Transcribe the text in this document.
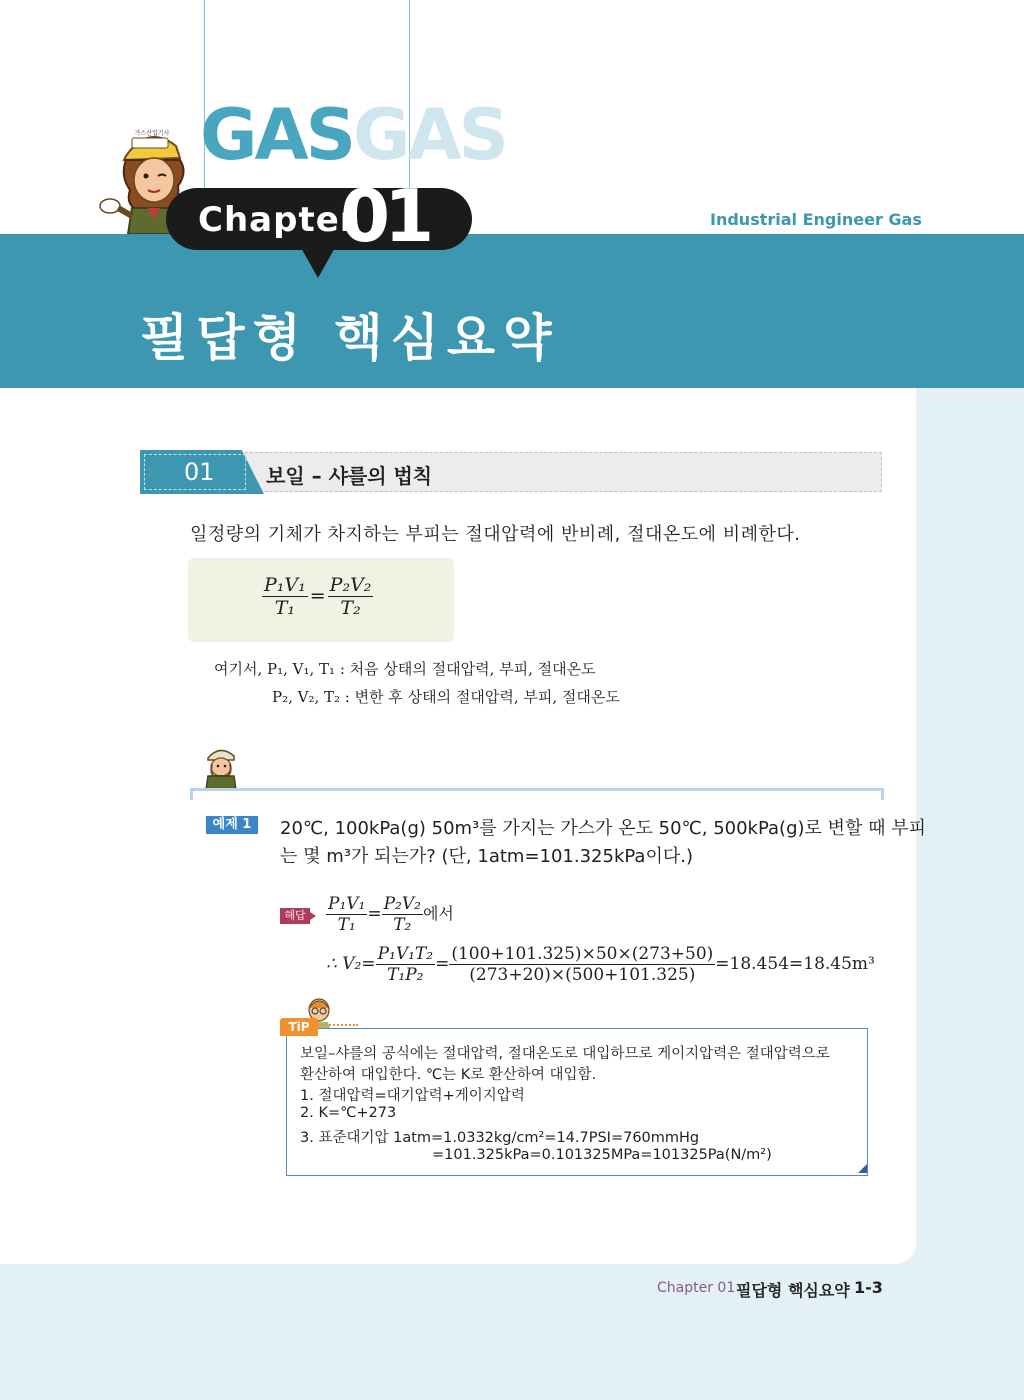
GASGAS
가스산업기사
Chapter
01	Industrial Engineer Gas
필답형 핵심요약
01	보일 – 샤를의 법칙
일정량의 기체가 차지하는 부피는 절대압력에 반비례, 절대온도에 비례한다.
$\frac{\text{P₁V₁}}{\text{T₁}} = \frac{\text{P₂V₂}}{\text{T₂}}$
여기서, P₁, V₁, T₁ : 처음 상태의 절대압력, 부피, 절대온도
P₂, V₂, T₂ : 변한 후 상태의 절대압력, 부피, 절대온도
예제 1	20℃, 100kPa(g) 50m³를 가지는 가스가 온도 50℃, 500kPa(g)로 변할 때 부피
는 몇 m³가 되는가? (단, 1atm=101.325kPa이다.)
해답 $\frac{\text{P₁V₁}}{\text{T₁}} = \frac{\text{P₂V₂}}{\text{T₂}}$ 에서
∴ $V_2= \frac{\text{P₁V₁T₂}}{\text{T₁P₂}} = \frac{(100+101.325)\times 50\times(273+50)}{(273+20)\times(500+101.325)} =18.454=18.45m^3$
TiP
보일–샤를의 공식에는 절대압력, 절대온도로 대입하므로 게이지압력은 절대압력으로
환산하여 대입한다. ℃는 K로 환산하여 대입함.
1. 절대압력=대기압력+게이지압력
2. K=℃+273
3. 표준대기압 1atm=1.0332kg/cm²=14.7PSI=760mmHg
=101.325kPa=0.101325MPa=101325Pa(N/m²)
Chapter 01 필답형 핵심요약 1-3
